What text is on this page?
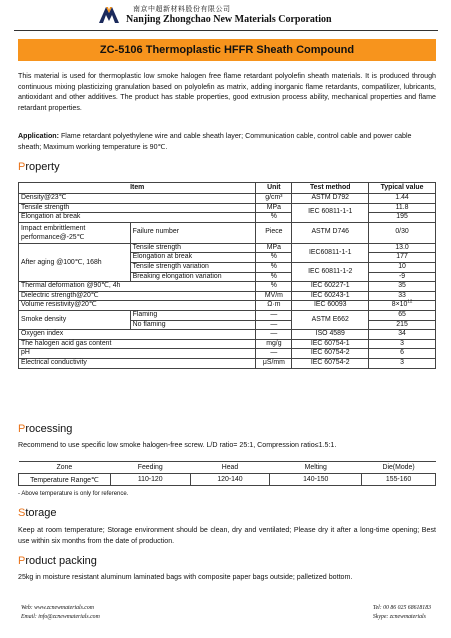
南京中超新材料股份有限公司
Nanjing Zhongchao New Materials Corporation
ZC-5106 Thermoplastic HFFR Sheath Compound
This material is used for thermoplastic low smoke halogen free flame retardant polyolefin sheath materials. It is produced through continuous mixing plasticizing granulation based on polyolefin as matrix, adding inorganic flame retardants, compatilizer, lubricants, antioxidant and other additives. The product has stable properties, good extrusion process ability, mechanical properties and flame retardant properties.
Application: Flame retardant polyethylene wire and cable sheath layer; Communication cable, control cable and power cable sheath; Maximum working temperature is 90℃.
Property
Item		Unit	Test method	Typical value
Density@23℃		g/cm³	ASTM D792	1.44
Tensile strength		MPa	IEC 60811-1-1	11.8
Elongation at break		%		195
Impact embrittlement performance@-25℃	Failure number	Piece	ASTM D746	0/30
After aging @100℃, 168h	Tensile strength	MPa	IEC60811-1-1	13.0
	Elongation at break	%		177
	Tensile strength variation	%	IEC 60811-1-2	10
	Breaking elongation variation	%		-9
Thermal deformation @90℃, 4h		%	IEC 60227-1	35
Dielectric strength@20℃		MV/m	IEC 60243-1	33
Volume resistivity@20℃		Ω·m	IEC 60093	$8\times 10^{12}$
Smoke density	Flaming	—	ASTM E662	65
	No flaming	—		215
Oxygen index		—	ISO 4589	34
The halogen acid gas content		mg/g	IEC 60754-1	3
pH		—	IEC 60754-2	6
Electrical conductivity		μS/mm	IEC 60754-2	3
Processing
Recommend to use specific low smoke halogen-free screw. L/D ratio= 25:1, Compression ratio≤1.5:1.
Zone	Feeding	Head	Melting	Die(Mode)
Temperature Range℃	110-120	120-140	140-150	155-160
- Above temperature is only for reference.
Storage
Keep at room temperature; Storage environment should be clean, dry and ventilated; Please dry it after a long-time opening; Best use within six months from the date of production.
Product packing
25kg in moisture resistant aluminum laminated bags with composite paper bags outside; palletized bottom.
Web: www.zcnewmaterials.com
Email: info@zcnewmaterials.com
Tel: 00 86 025 68618183
Skype: zcnewmaterials
